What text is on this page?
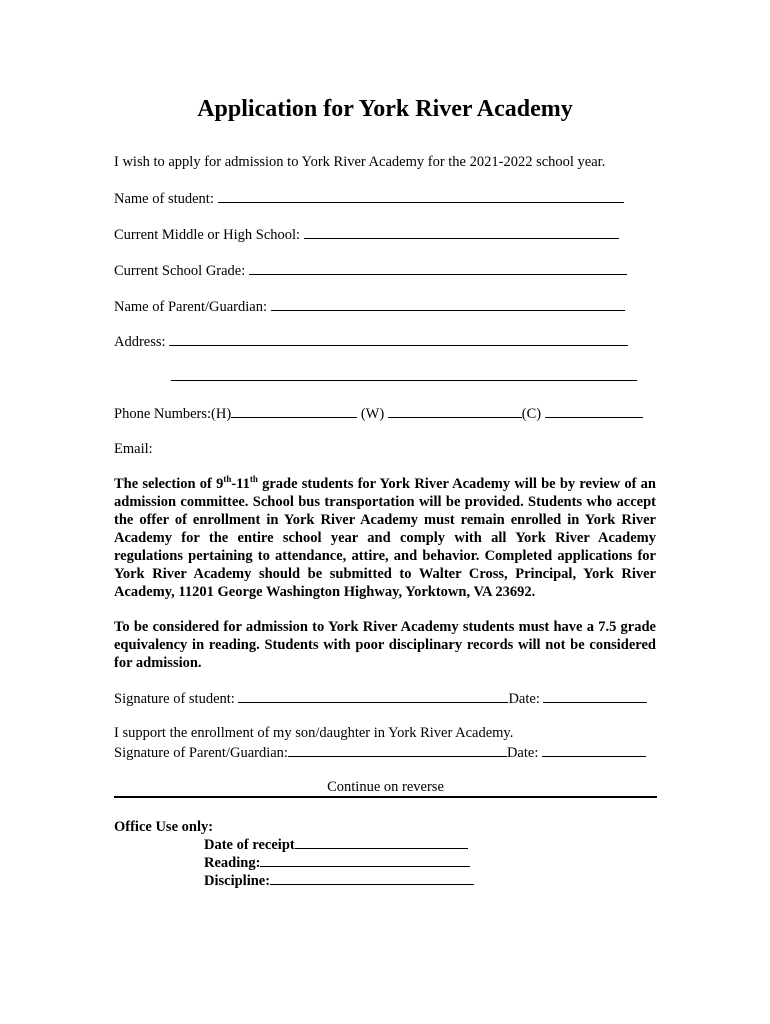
Application for York River Academy
I wish to apply for admission to York River Academy for the 2021-2022 school year.
Name of student:
Current Middle or High School:
Current School Grade:
Name of Parent/Guardian:
Address:
Phone Numbers:(H)	(W)	(C)
Email:
The selection of 9th-11th grade students for York River Academy will be by review of an admission committee. School bus transportation will be provided. Students who accept the offer of enrollment in York River Academy must remain enrolled in York River Academy for the entire school year and comply with all York River Academy regulations pertaining to attendance, attire, and behavior. Completed applications for York River Academy should be submitted to Walter Cross, Principal, York River Academy, 11201 George Washington Highway, Yorktown, VA 23692.
To be considered for admission to York River Academy students must have a 7.5 grade equivalency in reading. Students with poor disciplinary records will not be considered for admission.
Signature of student:	Date:
I support the enrollment of my son/daughter in York River Academy.
Signature of Parent/Guardian:	Date:
Continue on reverse
Office Use only:
Date of receipt
Reading:
Discipline:
